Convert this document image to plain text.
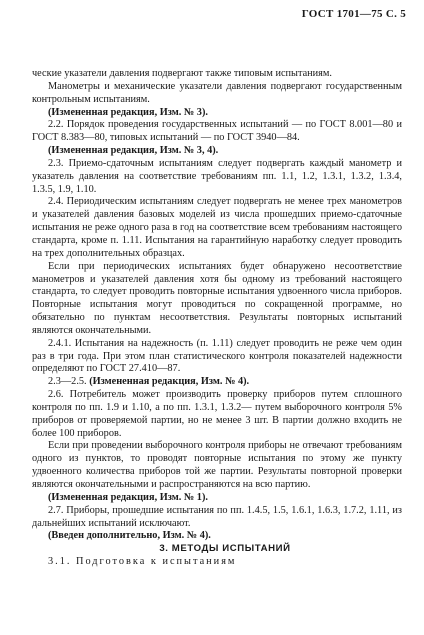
ГОСТ 1701—75 С. 5

ческие указатели давления подвергают также типовым испытаниям.

Манометры и механические указатели давления подвергают государственным контрольным испытаниям.

(Измененная редакция, Изм. № 3).

2.2. Порядок проведения государственных испытаний — по ГОСТ 8.001—80 и ГОСТ 8.383—80, типовых испытаний — по ГОСТ 3940—84.

(Измененная редакция, Изм. № 3, 4).

2.3. Приемо-сдаточным испытаниям следует подвергать каждый манометр и указатель давления на соответствие требованиям пп. 1.1, 1.2, 1.3.1, 1.3.2, 1.3.4, 1.3.5, 1.9, 1.10.

2.4. Периодическим испытаниям следует подвергать не менее трех манометров и указателей давления базовых моделей из числа прошедших приемо-сдаточные испытания не реже одного раза в год на соответствие всем требованиям настоящего стандарта, кроме п. 1.11. Испытания на гарантийную наработку следует проводить на трех дополнительных образцах.

Если при периодических испытаниях будет обнаружено несоответствие манометров и указателей давления хотя бы одному из требований настоящего стандарта, то следует проводить повторные испытания удвоенного числа приборов. Повторные испытания могут проводиться по сокращенной программе, но обязательно по пунктам несоответствия. Результаты повторных испытаний являются окончательными.

2.4.1. Испытания на надежность (п. 1.11) следует проводить не реже чем один раз в три года. При этом план статистического контроля показателей надежности определяют по ГОСТ 27.410—87.

2.3—2.5. (Измененная редакция, Изм. № 4).

2.6. Потребитель может производить проверку приборов путем сплошного контроля по пп. 1.9 и 1.10, а по пп. 1.3.1, 1.3.2— путем выборочного контроля 5% приборов от проверяемой партии, но не менее 3 шт. В партии должно входить не более 100 приборов.

Если при проведении выборочного контроля приборы не отвечают требованиям одного из пунктов, то проводят повторные испытания по этому же пункту удвоенного количества приборов той же партии. Результаты повторной проверки являются окончательными и распространяются на всю партию.

(Измененная редакция, Изм. № 1).

2.7. Приборы, прошедшие испытания по пп. 1.4.5, 1.5, 1.6.1, 1.6.3, 1.7.2, 1.11, из дальнейших испытаний исключают.

(Введен дополнительно, Изм. № 4).

3. МЕТОДЫ ИСПЫТАНИЙ

3.1. Подготовка к испытаниям
